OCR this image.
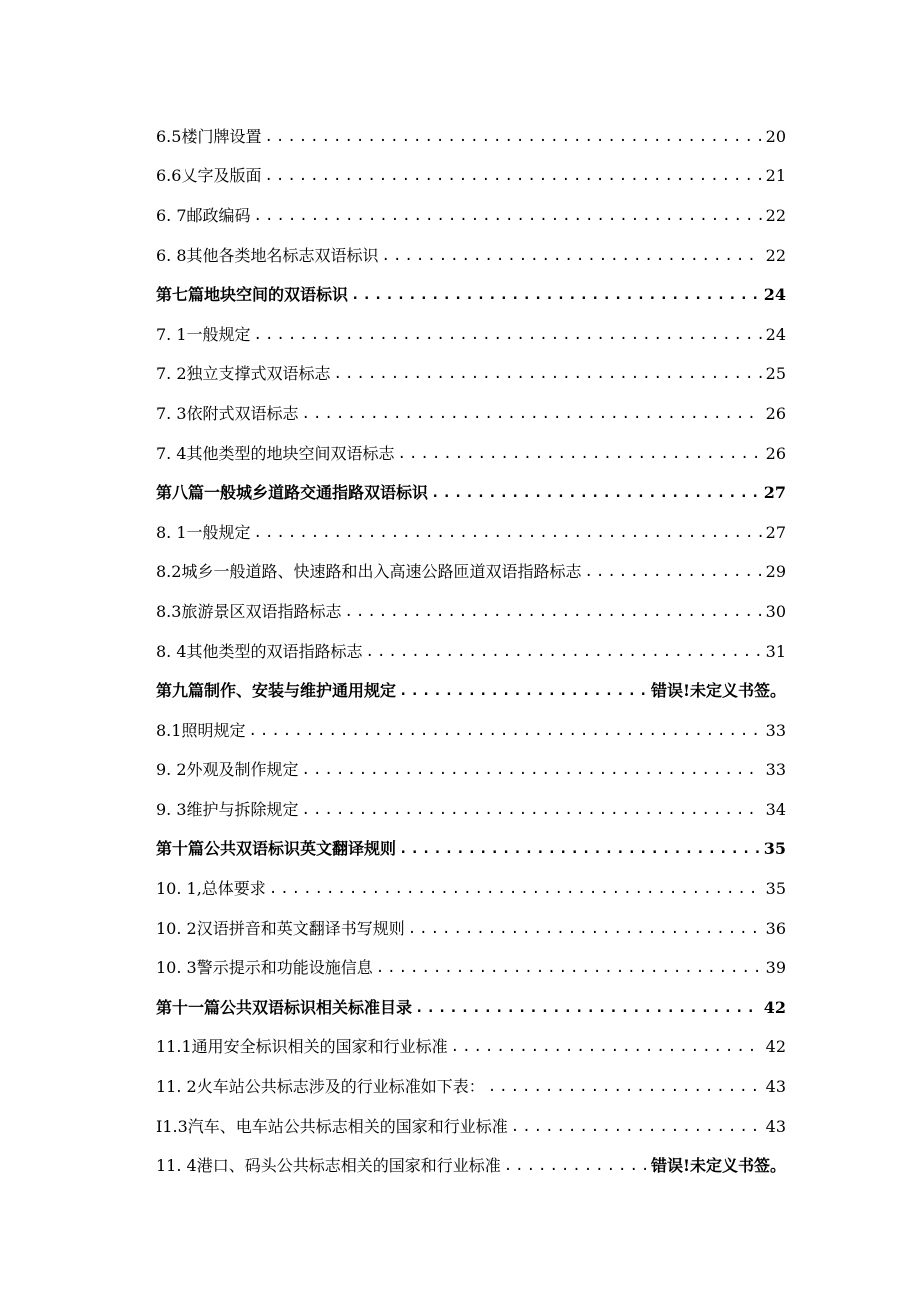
6.5 楼门牌设置 .....	20
6.6 乂字及版面 .....	21
6. 7 邮政编码 .....	22
6. 8 其他各类地名标志双语标识 .....	22
第七篇地块空间的双语标识 .....	24
7. 1 一般规定 .....	24
7. 2 独立支撑式双语标志 .....	25
7. 3 依附式双语标志 .....	26
7. 4 其他类型的地块空间双语标志 .....	26
第八篇一般城乡道路交通指路双语标识 .....	27
8. 1 一般规定 .....	27
8.2 城乡一般道路、快速路和出入高速公路匝道双语指路标志 .....	29
8.3 旅游景区双语指路标志 .....	30
8. 4 其他类型的双语指路标志 .....	31
第九篇制作、安装与维护通用规定 .....	错误!未定义书签。
8.1 照明规定 .....	33
9. 2 外观及制作规定 .....	33
9. 3 维护与拆除规定 .....	34
第十篇公共双语标识英文翻译规则 .....	35
10. 1, 总体要求 .....	35
10. 2 汉语拼音和英文翻译书写规则 .....	36
10. 3 警示提示和功能设施信息 .....	39
第十一篇公共双语标识相关标准目录 .....	42
11.1 通用安全标识相关的国家和行业标准 .....	42
11. 2 火车站公共标志涉及的行业标准如下表： .....	43
I1.3 汽车、电车站公共标志相关的国家和行业标准 .....	43
11. 4 港口、码头公共标志相关的国家和行业标准 .....	错误!未定义书签。
